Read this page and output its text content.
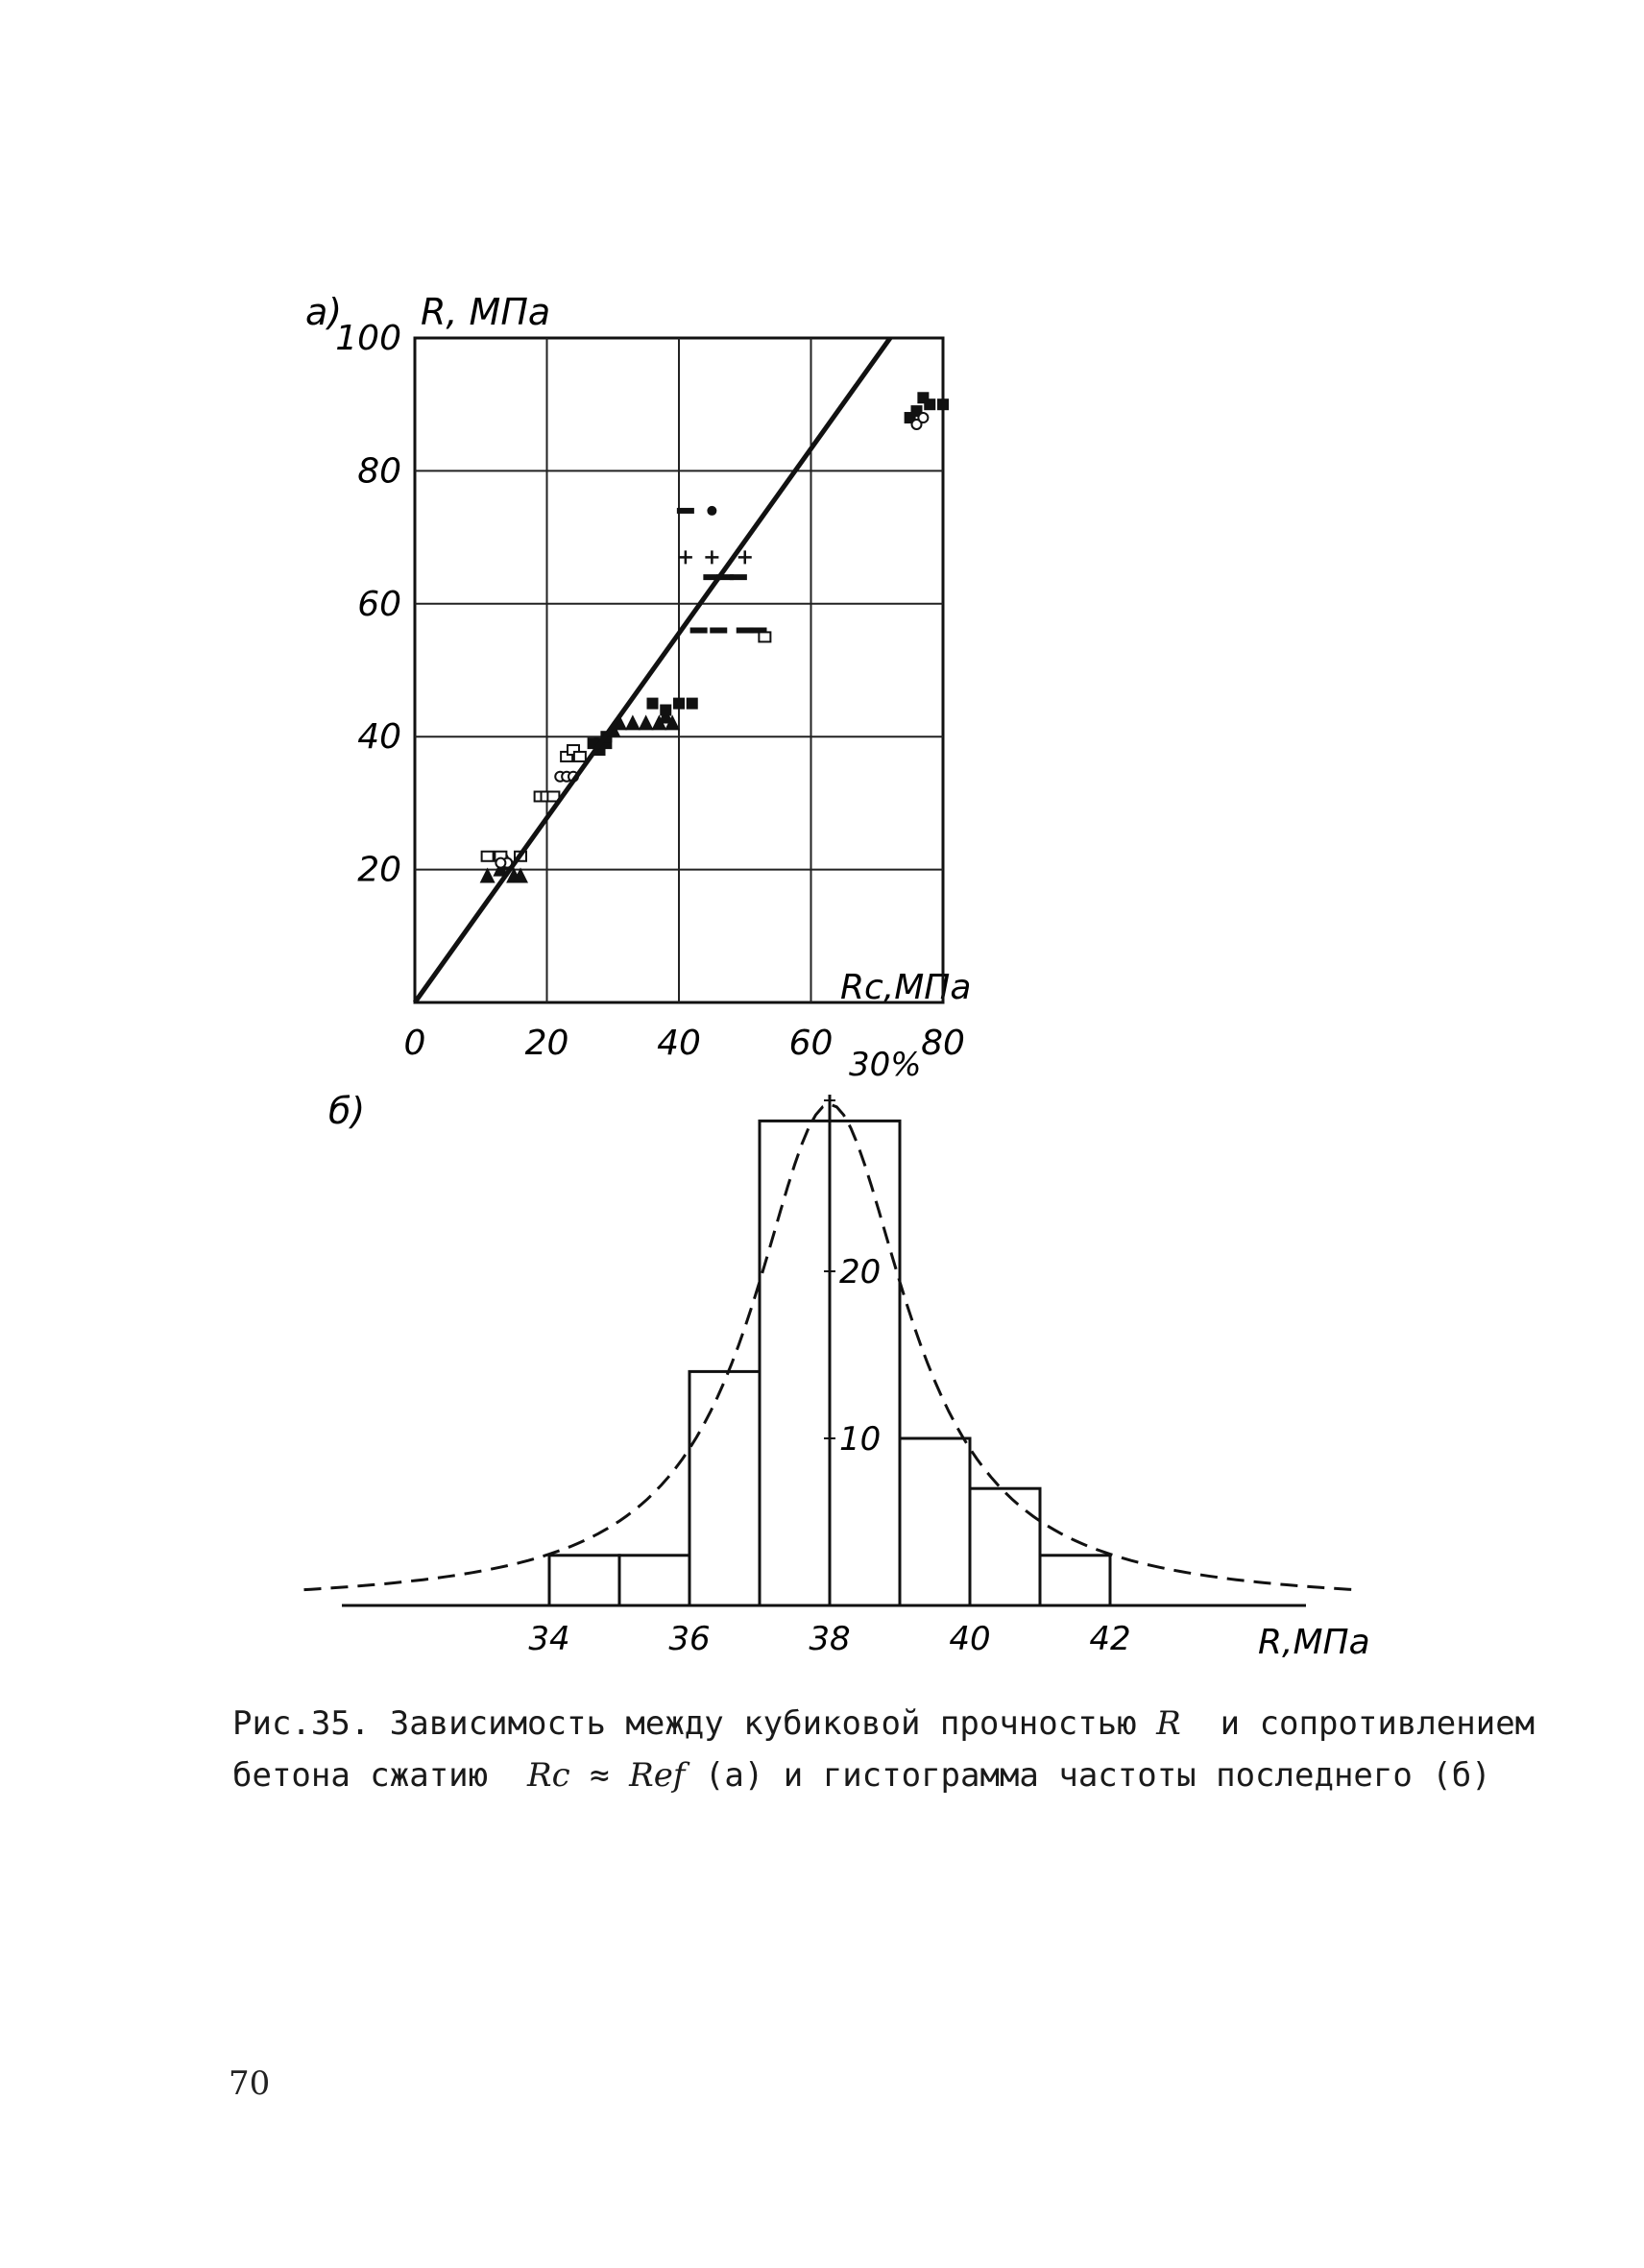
a) R, МПа
Rc,МПа
0	20	40	60	80
20
40
60
80
100
б)
30%
R,МПа
34	36	38	40	42
10
20
Рис.35. Зависимость между кубиковой прочностью R  и сопротивлением
бетона сжатию  Rc ≈ Ref (а) и гистограмма частоты последнего (б)
70
